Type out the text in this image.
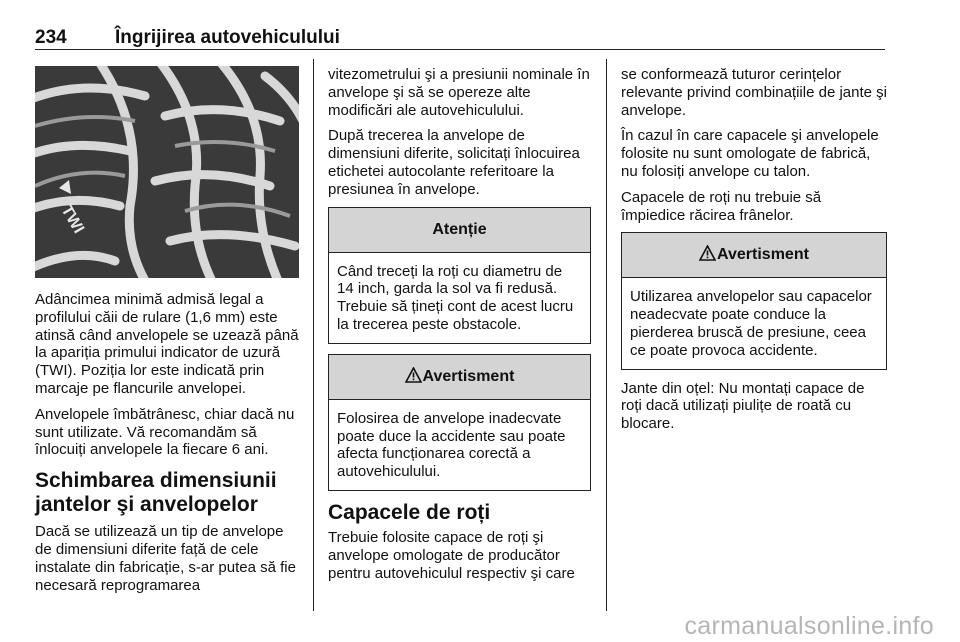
234	Îngrijirea autovehiculului
TWI

Adâncimea minimă admisă legal a profilului căii de rulare (1,6 mm) este atinsă când anvelopele se uzează până la apariția primului indicator de uzură (TWI). Poziția lor este indicată prin marcaje pe flancurile anvelopei.

Anvelopele îmbătrânesc, chiar dacă nu sunt utilizate. Vă recomandăm să înlocuiți anvelopele la fiecare 6 ani.

Schimbarea dimensiunii jantelor şi anvelopelor

Dacă se utilizează un tip de anvelope de dimensiuni diferite față de cele instalate din fabricație, s-ar putea să fie necesară reprogramarea

vitezometrului şi a presiunii nominale în anvelope şi să se opereze alte modificări ale autovehiculului.

După trecerea la anvelope de dimensiuni diferite, solicitați înlocuirea etichetei autocolante referitoare la presiunea în anvelope.

Atenție
Când treceți la roți cu diametru de 14 inch, garda la sol va fi redusă. Trebuie să țineți cont de acest lucru la trecerea peste obstacole.
Avertisment
Folosirea de anvelope inadecvate poate duce la accidente sau poate afecta funcționarea corectă a autovehiculului.
Capacele de roți

Trebuie folosite capace de roți şi anvelope omologate de producător pentru autovehiculul respectiv şi care

se conformează tuturor cerințelor relevante privind combinațiile de jante şi anvelope.

În cazul în care capacele şi anvelopele folosite nu sunt omologate de fabrică, nu folosiți anvelope cu talon.

Capacele de roți nu trebuie să împiedice răcirea frânelor.

Avertisment
Utilizarea anvelopelor sau capacelor neadecvate poate conduce la pierderea bruscă de presiune, ceea ce poate provoca accidente.

Jante din oțel: Nu montați capace de roți dacă utilizați piulițe de roată cu blocare.

carmanualsonline.info
